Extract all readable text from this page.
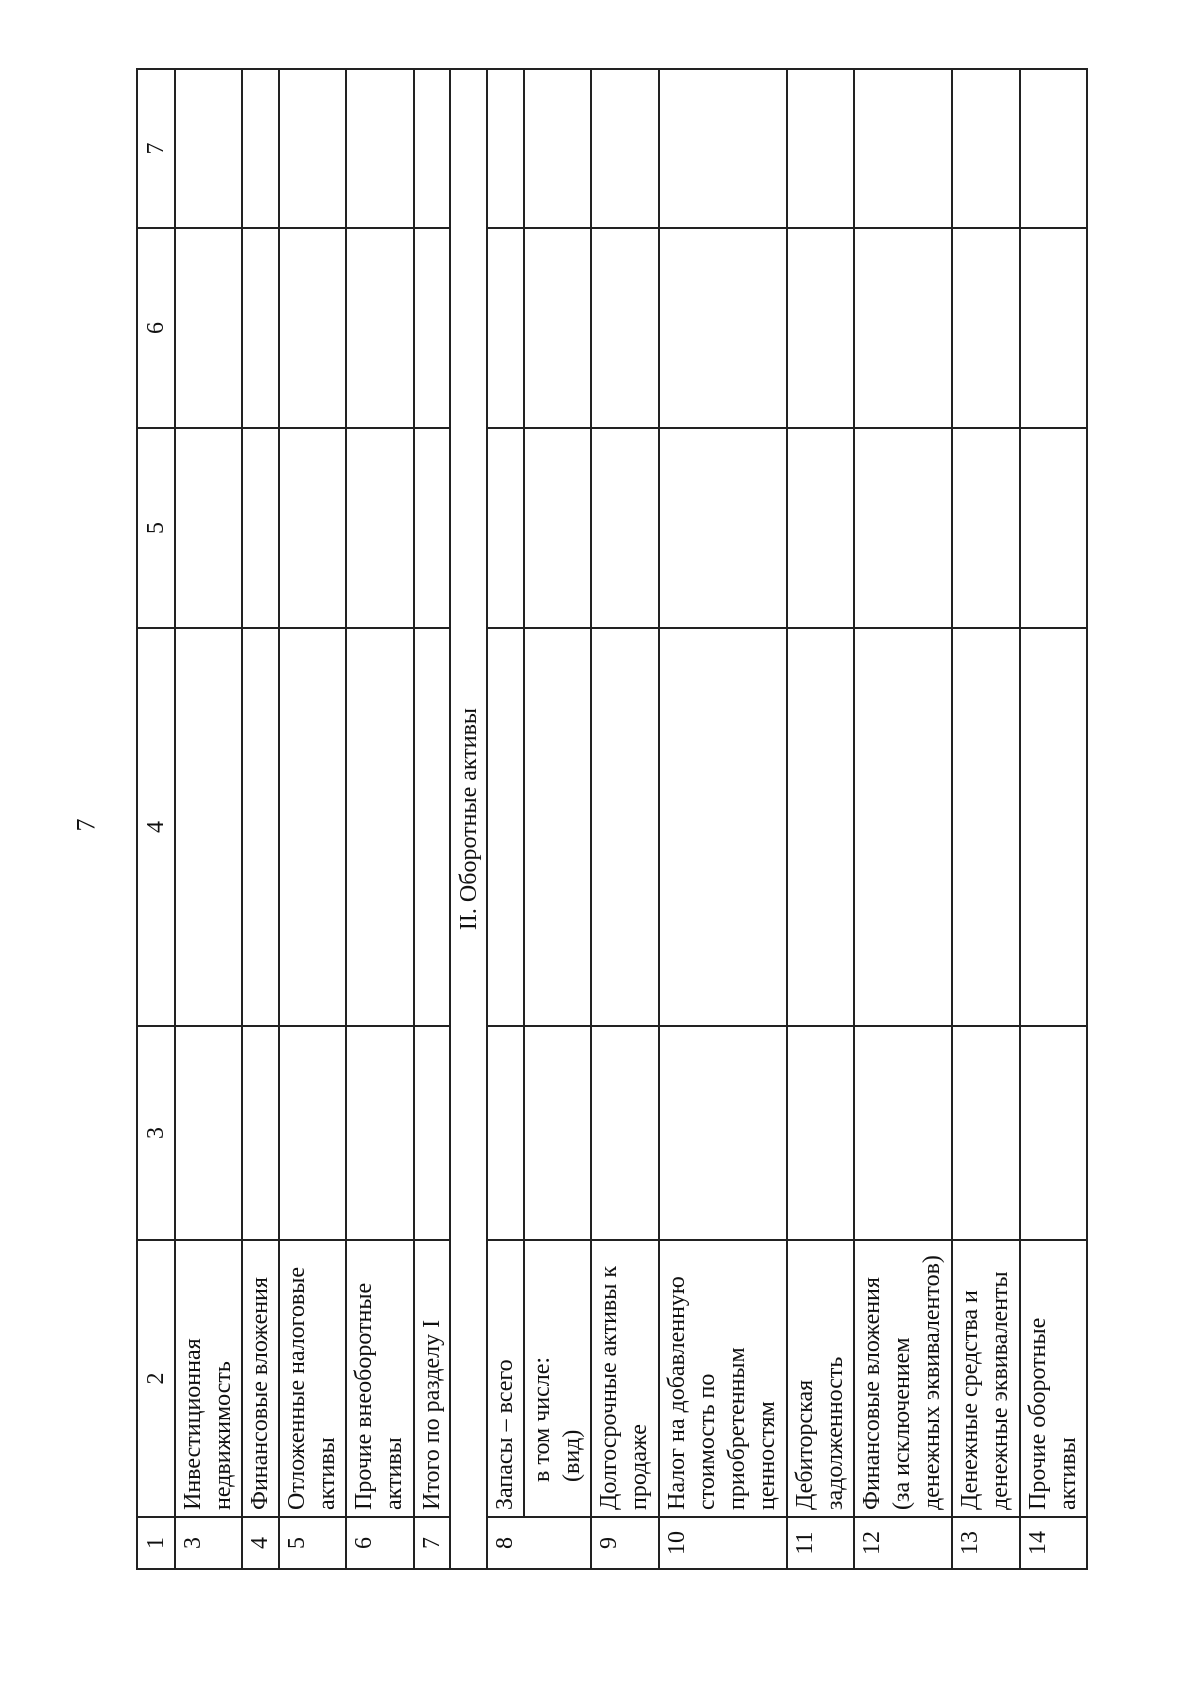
7
1	2	3	4	5	6	7
3	Инвестиционная недвижимость					
4	Финансовые вложения					
5	Отложенные налоговые активы					
6	Прочие внеоборотные активы					
7	Итого по разделу I					
II. Оборотные активы						
8	Запасы – всего					

	в том числе: (вид)					

9	Долгосрочные активы к продаже					
10	Налог на добавленную стоимость по приобретенным ценностям					
11	Дебиторская задолженность					
12	Финансовые вложения (за исключением денежных эквивалентов)					
13	Денежные средства и денежные эквиваленты					
14	Прочие оборотные активы					
